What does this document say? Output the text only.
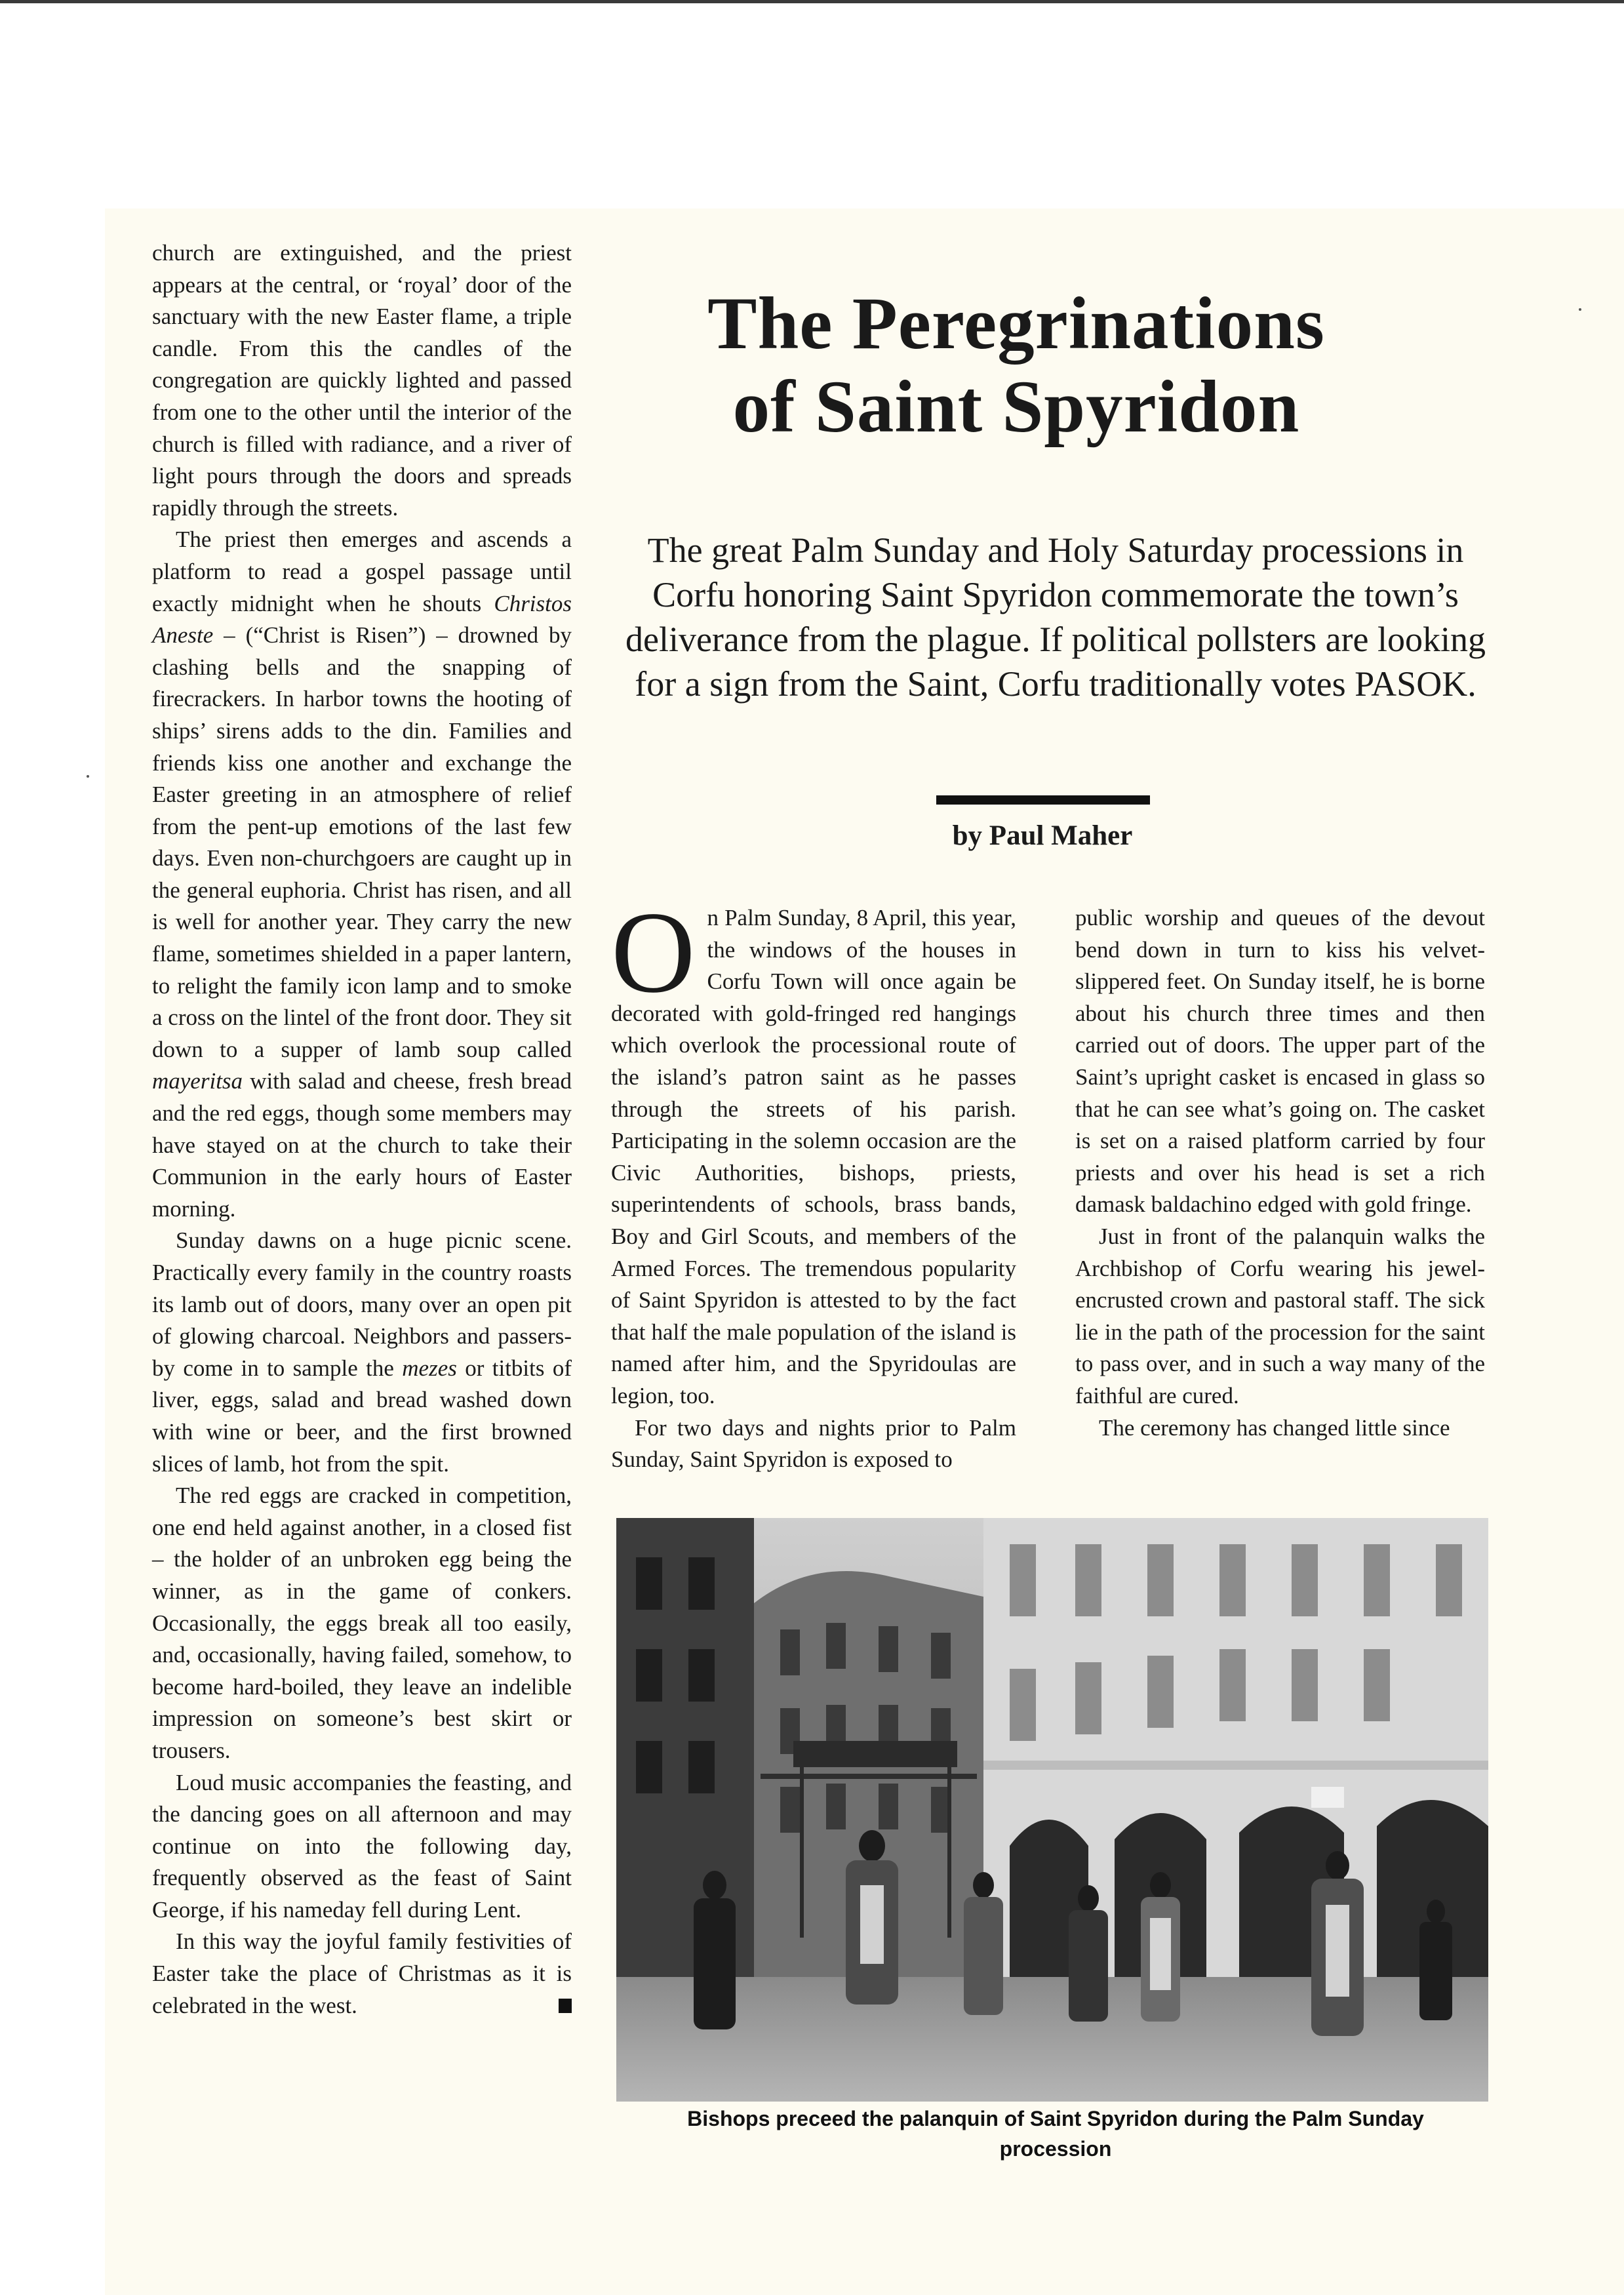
church are extinguished, and the priest appears at the central, or ‘royal’ door of the sanctuary with the new Easter flame, a triple candle. From this the candles of the congregation are quickly lighted and passed from one to the other until the interior of the church is filled with radiance, and a river of light pours through the doors and spreads rapidly through the streets.

The priest then emerges and ascends a platform to read a gospel passage until exactly midnight when he shouts Christos Aneste – (“Christ is Risen”) – drowned by clashing bells and the snapping of firecrackers. In harbor towns the hooting of ships’ sirens adds to the din. Families and friends kiss one another and exchange the Easter greeting in an atmosphere of relief from the pent-up emotions of the last few days. Even non-churchgoers are caught up in the general euphoria. Christ has risen, and all is well for another year. They carry the new flame, sometimes shielded in a paper lantern, to relight the family icon lamp and to smoke a cross on the lintel of the front door. They sit down to a supper of lamb soup called mayeritsa with salad and cheese, fresh bread and the red eggs, though some members may have stayed on at the church to take their Communion in the early hours of Easter morning.

Sunday dawns on a huge picnic scene. Practically every family in the country roasts its lamb out of doors, many over an open pit of glowing charcoal. Neighbors and passers-by come in to sample the mezes or titbits of liver, eggs, salad and bread washed down with wine or beer, and the first browned slices of lamb, hot from the spit.

The red eggs are cracked in competition, one end held against another, in a closed fist – the holder of an unbroken egg being the winner, as in the game of conkers. Occasionally, the eggs break all too easily, and, occasionally, having failed, somehow, to become hard-boiled, they leave an indelible impression on someone’s best skirt or trousers.

Loud music accompanies the feasting, and the dancing goes on all afternoon and may continue on into the following day, frequently observed as the feast of Saint George, if his nameday fell during Lent.

In this way the joyful family festivities of Easter take the place of Christmas as it is celebrated in the west.

The Peregrinations
of Saint Spyridon

The great Palm Sunday and Holy Saturday processions in Corfu honoring Saint Spyridon commemorate the town’s deliverance from the plague. If political pollsters are looking for a sign from the Saint, Corfu traditionally votes PASOK.

by Paul Maher

On Palm Sunday, 8 April, this year, the windows of the houses in Corfu Town will once again be decorated with gold-fringed red hangings which overlook the processional route of the island’s patron saint as he passes through the streets of his parish. Participating in the solemn occasion are the Civic Authorities, bishops, priests, superintendents of schools, brass bands, Boy and Girl Scouts, and members of the Armed Forces. The tremendous popularity of Saint Spyridon is attested to by the fact that half the male population of the island is named after him, and the Spyridoulas are legion, too.

For two days and nights prior to Palm Sunday, Saint Spyridon is exposed to

public worship and queues of the devout bend down in turn to kiss his velvet-slippered feet. On Sunday itself, he is borne about his church three times and then carried out of doors. The upper part of the Saint’s upright casket is encased in glass so that he can see what’s going on. The casket is set on a raised platform carried by four priests and over his head is set a rich damask baldachino edged with gold fringe.

Just in front of the palanquin walks the Archbishop of Corfu wearing his jewel-encrusted crown and pastoral staff. The sick lie in the path of the procession for the saint to pass over, and in such a way many of the faithful are cured.

The ceremony has changed little since

Bishops preceed the palanquin of Saint Spyridon during the Palm Sunday procession
